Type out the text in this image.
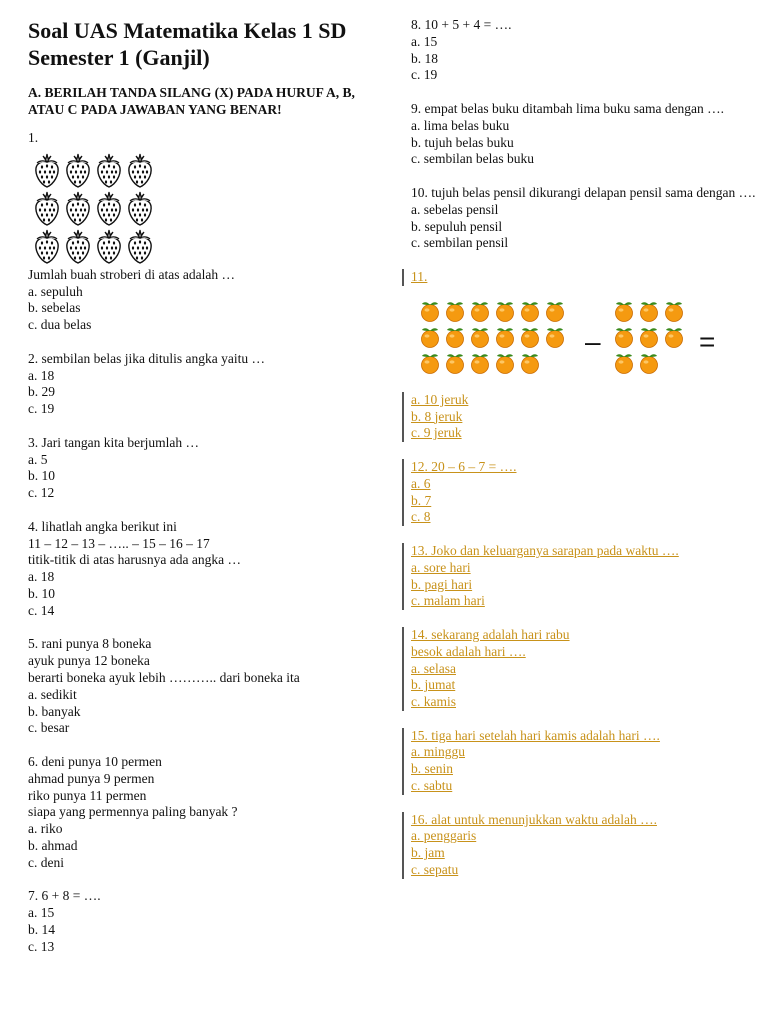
Soal UAS Matematika Kelas 1 SD
Semester 1 (Ganjil)
A. BERILAH TANDA SILANG (X) PADA HURUF A, B, ATAU C PADA JAWABAN YANG BENAR!
1.
Jumlah buah stroberi di atas adalah …
a. sepuluh
b. sebelas
c. dua belas
2. sembilan belas jika ditulis angka yaitu …
a. 18
b. 29
c. 19
3. Jari tangan kita berjumlah …
a. 5
b. 10
c. 12
4. lihatlah angka berikut ini
11 – 12 – 13 – ….. – 15 – 16 – 17
titik-titik di atas harusnya ada angka …
a. 18
b. 10
c. 14
5. rani punya 8 boneka
ayuk punya 12 boneka
berarti boneka ayuk lebih ……….. dari boneka ita
a. sedikit
b. banyak
c. besar
6. deni punya 10 permen
ahmad punya 9 permen
riko punya 11 permen
siapa yang permennya paling banyak ?
a. riko
b. ahmad
c. deni
7. 6 + 8 = ….
a. 15
b. 14
c. 13
8. 10 + 5 + 4 = ….
a. 15
b. 18
c. 19
9. empat belas buku ditambah lima buku sama dengan ….
a. lima belas buku
b. tujuh belas buku
c. sembilan belas buku
10. tujuh belas pensil dikurangi delapan pensil sama dengan ….
a. sebelas pensil
b. sepuluh pensil
c. sembilan pensil
11.
–	=
a. 10 jeruk
b. 8 jeruk
c. 9 jeruk
12. 20 – 6 – 7 = ….
a. 6
b. 7
c. 8
13. Joko dan keluarganya sarapan pada waktu ….
a. sore hari
b. pagi hari
c. malam hari
14. sekarang adalah hari rabu
besok adalah hari ….
a. selasa
b. jumat
c. kamis
15. tiga hari setelah hari kamis adalah hari ….
a. minggu
b. senin
c. sabtu
16. alat untuk menunjukkan waktu adalah ….
a. penggaris
b. jam
c. sepatu
